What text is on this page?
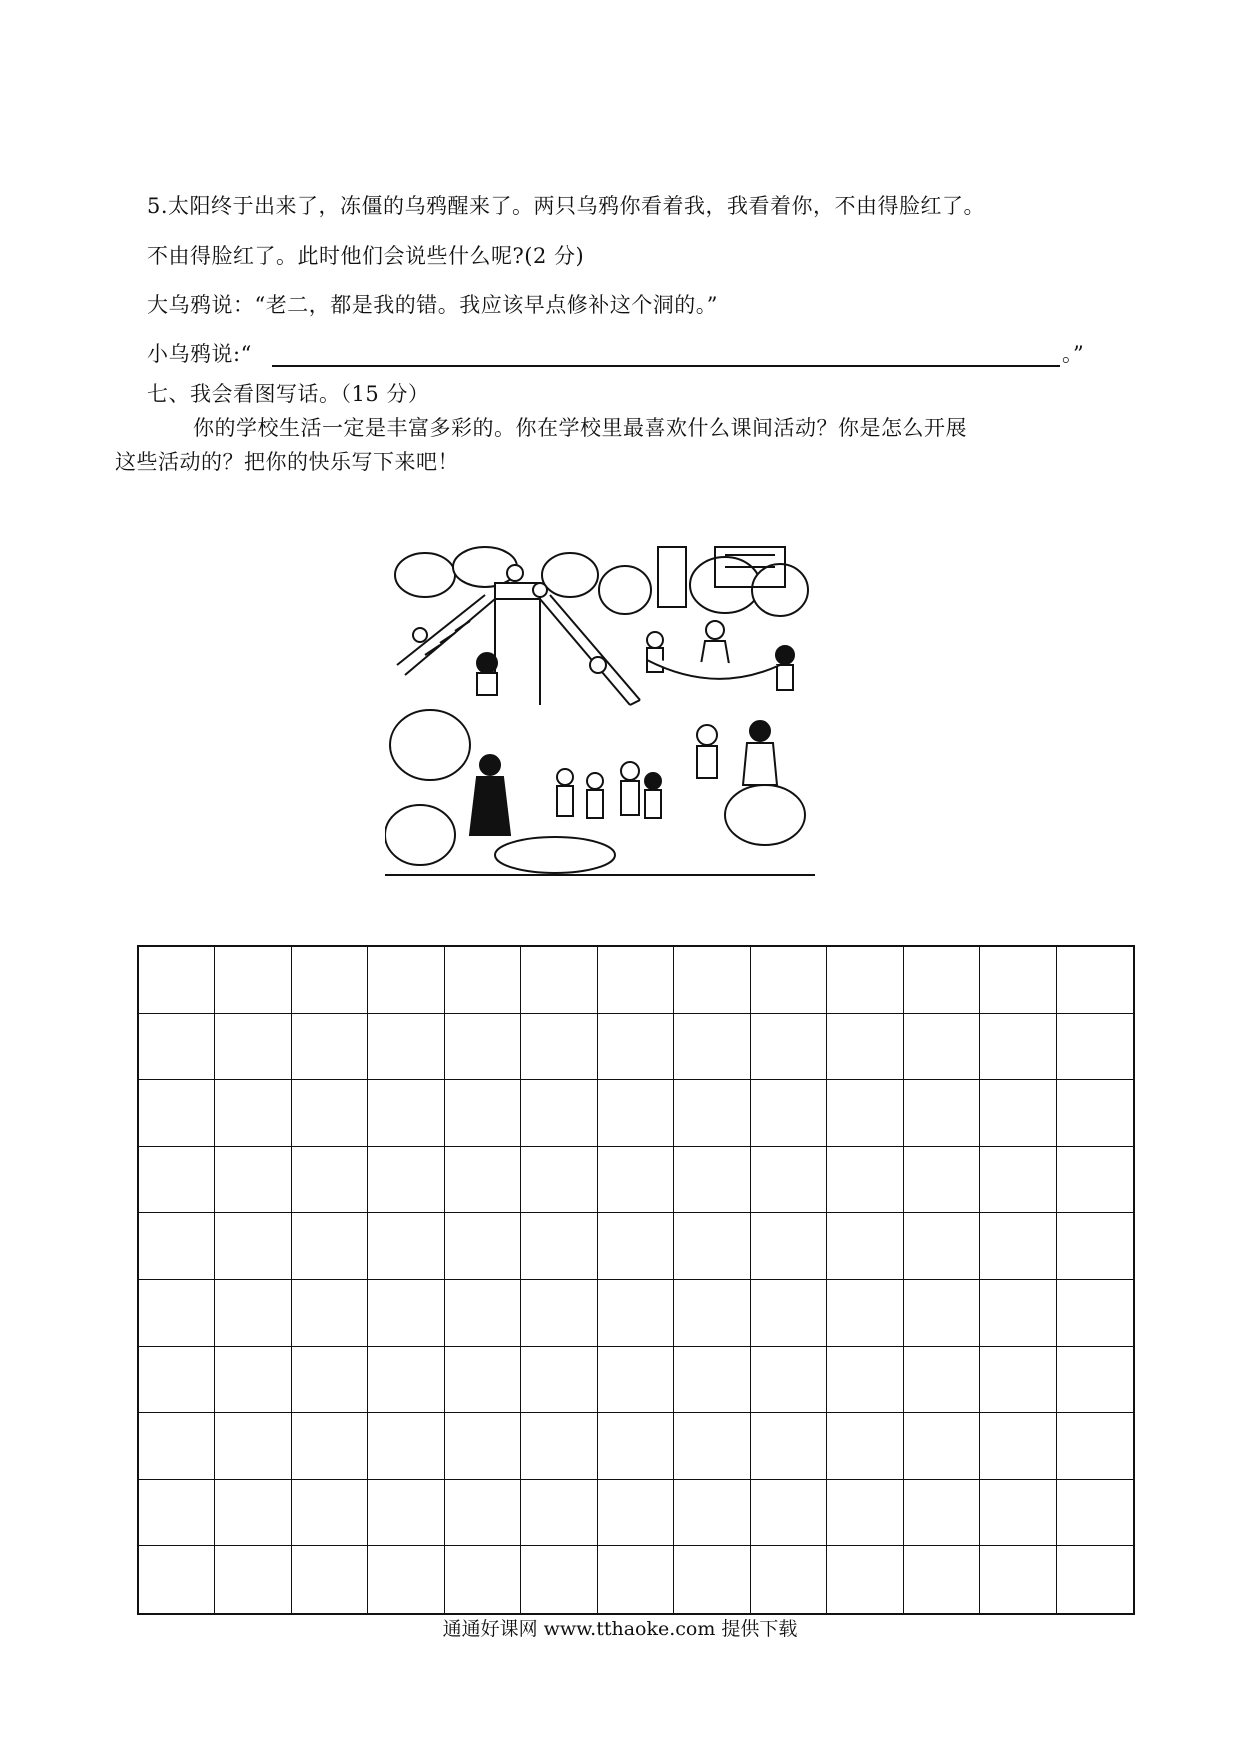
5.太阳终于出来了，冻僵的乌鸦醒来了。两只乌鸦你看着我，我看着你，不由得脸红了。
不由得脸红了。此时他们会说些什么呢?(2 分)
大乌鸦说：“老二，都是我的错。我应该早点修补这个洞的。”
小乌鸦说:“	。”
七、我会看图写话。（15 分）
你的学校生活一定是丰富多彩的。你在学校里最喜欢什么课间活动？你是怎么开展
这些活动的？把你的快乐写下来吧！
通通好课网 www.tthaoke.com 提供下载
